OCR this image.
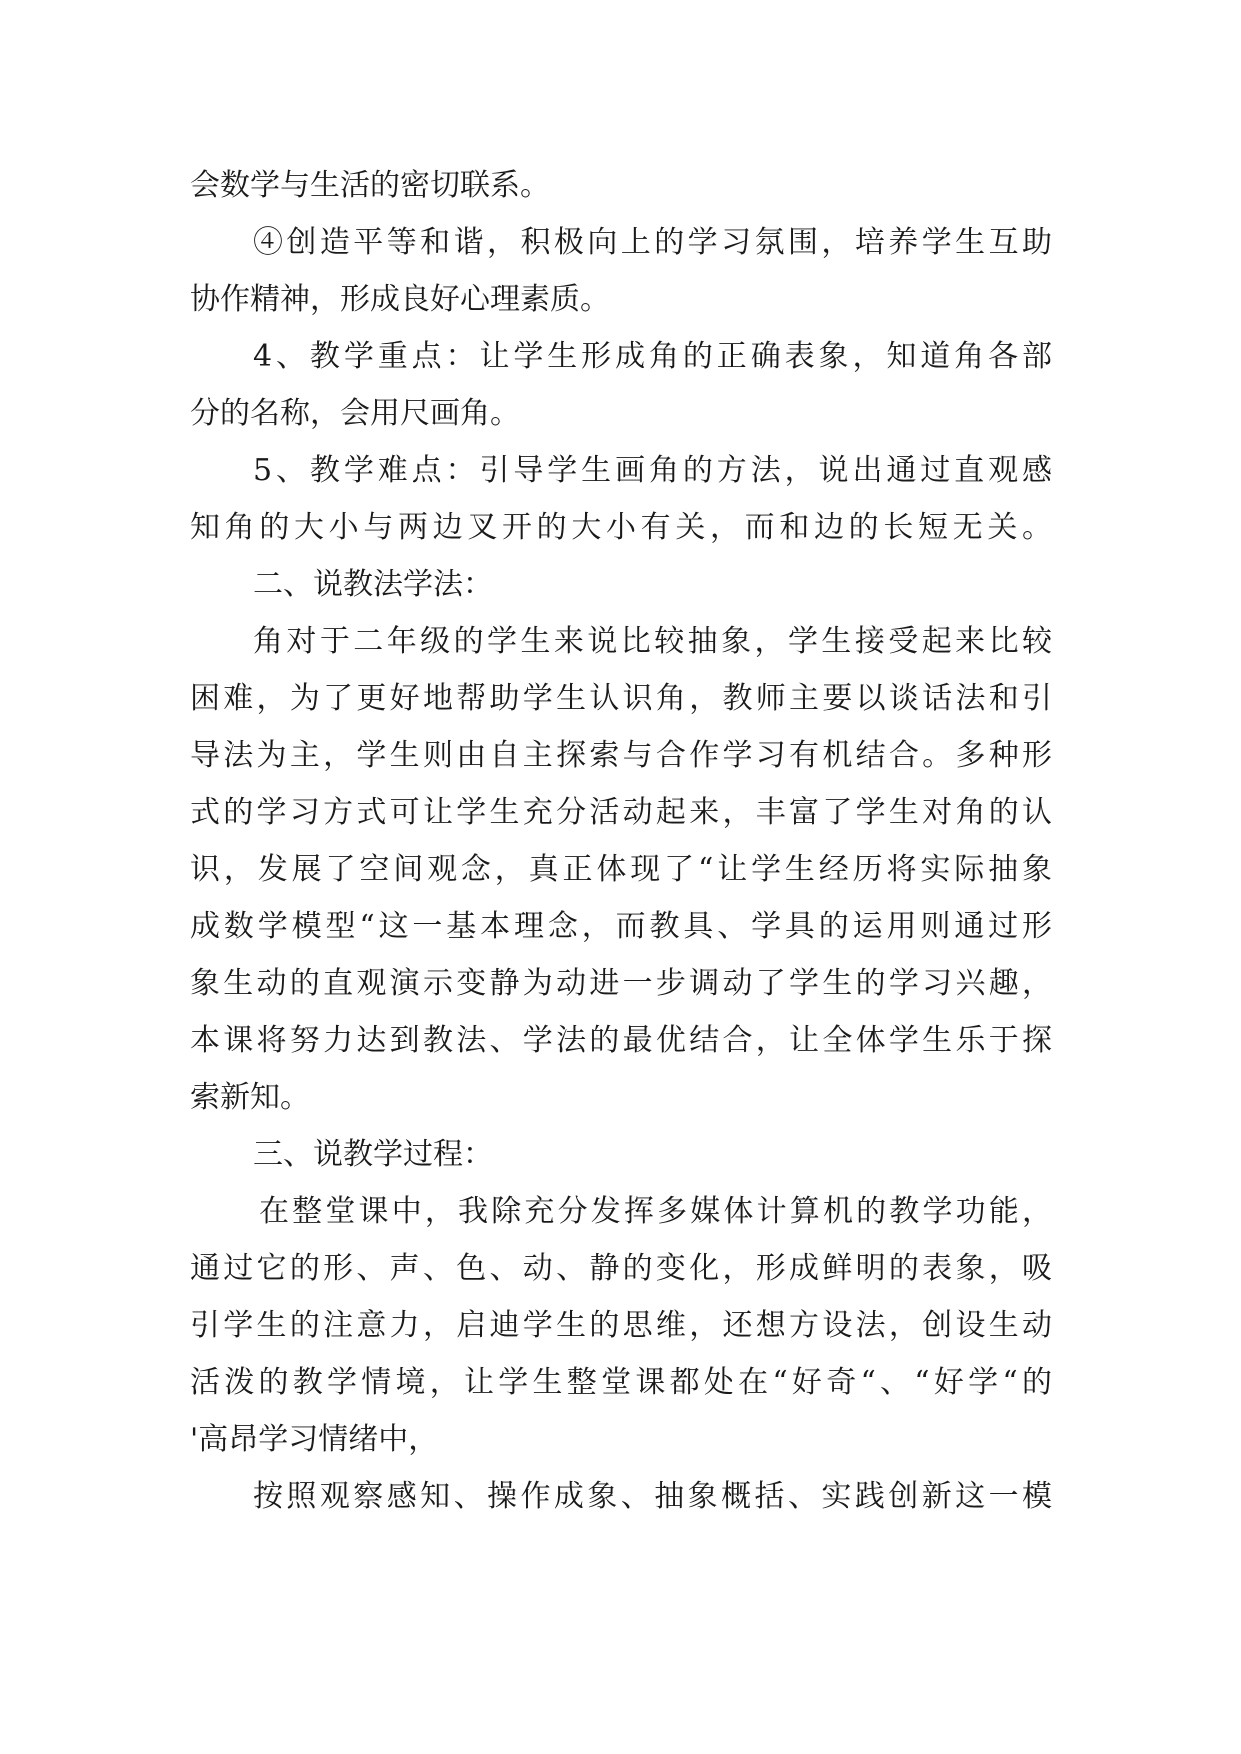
会数学与生活的密切联系。
④创造平等和谐，积极向上的学习氛围，培养学生互助
协作精神，形成良好心理素质。
4、教学重点：让学生形成角的正确表象，知道角各部
分的名称，会用尺画角。
5、教学难点：引导学生画角的方法，说出通过直观感
知角的大小与两边叉开的大小有关，而和边的长短无关。
二、说教法学法：
角对于二年级的学生来说比较抽象，学生接受起来比较
困难，为了更好地帮助学生认识角，教师主要以谈话法和引
导法为主，学生则由自主探索与合作学习有机结合。多种形
式的学习方式可让学生充分活动起来，丰富了学生对角的认
识，发展了空间观念，真正体现了“让学生经历将实际抽象
成数学模型“这一基本理念，而教具、学具的运用则通过形
象生动的直观演示变静为动进一步调动了学生的学习兴趣，
本课将努力达到教法、学法的最优结合，让全体学生乐于探
索新知。
三、说教学过程：
在整堂课中，我除充分发挥多媒体计算机的教学功能，
通过它的形、声、色、动、静的变化，形成鲜明的表象，吸
引学生的注意力，启迪学生的思维，还想方设法，创设生动
活泼的教学情境，让学生整堂课都处在“好奇“、“好学“的
'高昂学习情绪中，
按照观察感知、操作成象、抽象概括、实践创新这一模
